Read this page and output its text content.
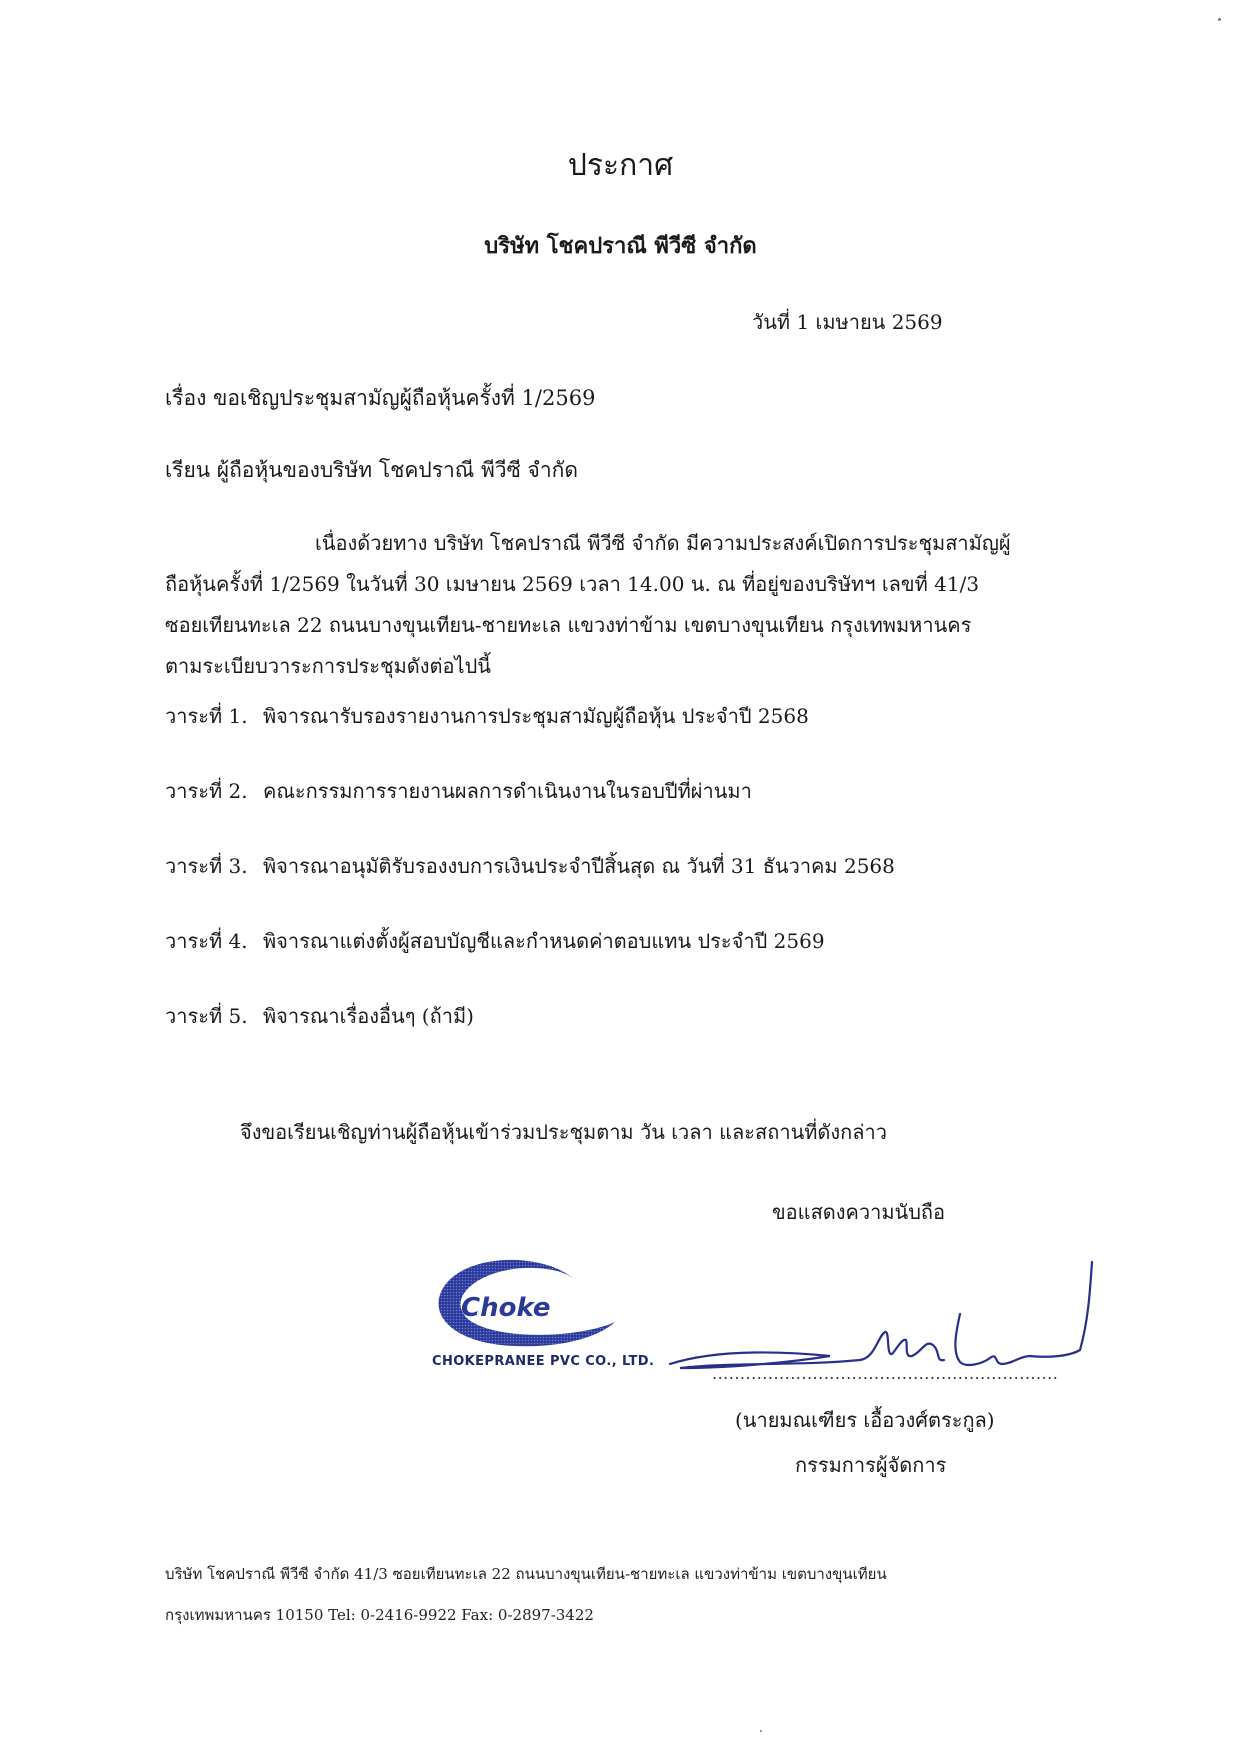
ประกาศ
บริษัท โชคปราณี พีวีซี จำกัด
วันที่ 1 เมษายน 2569
เรื่อง ขอเชิญประชุมสามัญผู้ถือหุ้นครั้งที่ 1/2569
เรียน ผู้ถือหุ้นของบริษัท โชคปราณี พีวีซี จำกัด
เนื่องด้วยทาง บริษัท โชคปราณี พีวีซี จำกัด มีความประสงค์เปิดการประชุมสามัญผู้
ถือหุ้นครั้งที่ 1/2569 ในวันที่ 30 เมษายน 2569 เวลา 14.00 น. ณ ที่อยู่ของบริษัทฯ เลขที่ 41/3
ซอยเทียนทะเล 22 ถนนบางขุนเทียน-ชายทะเล แขวงท่าข้าม เขตบางขุนเทียน กรุงเทพมหานคร
ตามระเบียบวาระการประชุมดังต่อไปนี้
วาระที่ 1. พิจารณารับรองรายงานการประชุมสามัญผู้ถือหุ้น ประจำปี 2568
วาระที่ 2. คณะกรรมการรายงานผลการดำเนินงานในรอบปีที่ผ่านมา
วาระที่ 3. พิจารณาอนุมัติรับรองงบการเงินประจำปีสิ้นสุด ณ วันที่ 31 ธันวาคม 2568
วาระที่ 4. พิจารณาแต่งตั้งผู้สอบบัญชีและกำหนดค่าตอบแทน ประจำปี 2569
วาระที่ 5. พิจารณาเรื่องอื่นๆ (ถ้ามี)
จึงขอเรียนเชิญท่านผู้ถือหุ้นเข้าร่วมประชุมตาม วัน เวลา และสถานที่ดังกล่าว
ขอแสดงความนับถือ
Choke
CHOKEPRANEE PVC CO., LTD.
..............................................................
(นายมณเฑียร เอื้อวงศ์ตระกูล)
กรรมการผู้จัดการ
บริษัท โชคปราณี พีวีซี จำกัด 41/3 ซอยเทียนทะเล 22 ถนนบางขุนเทียน-ชายทะเล แขวงท่าข้าม เขตบางขุนเทียน
กรุงเทพมหานคร 10150 Tel: 0-2416-9922 Fax: 0-2897-3422
